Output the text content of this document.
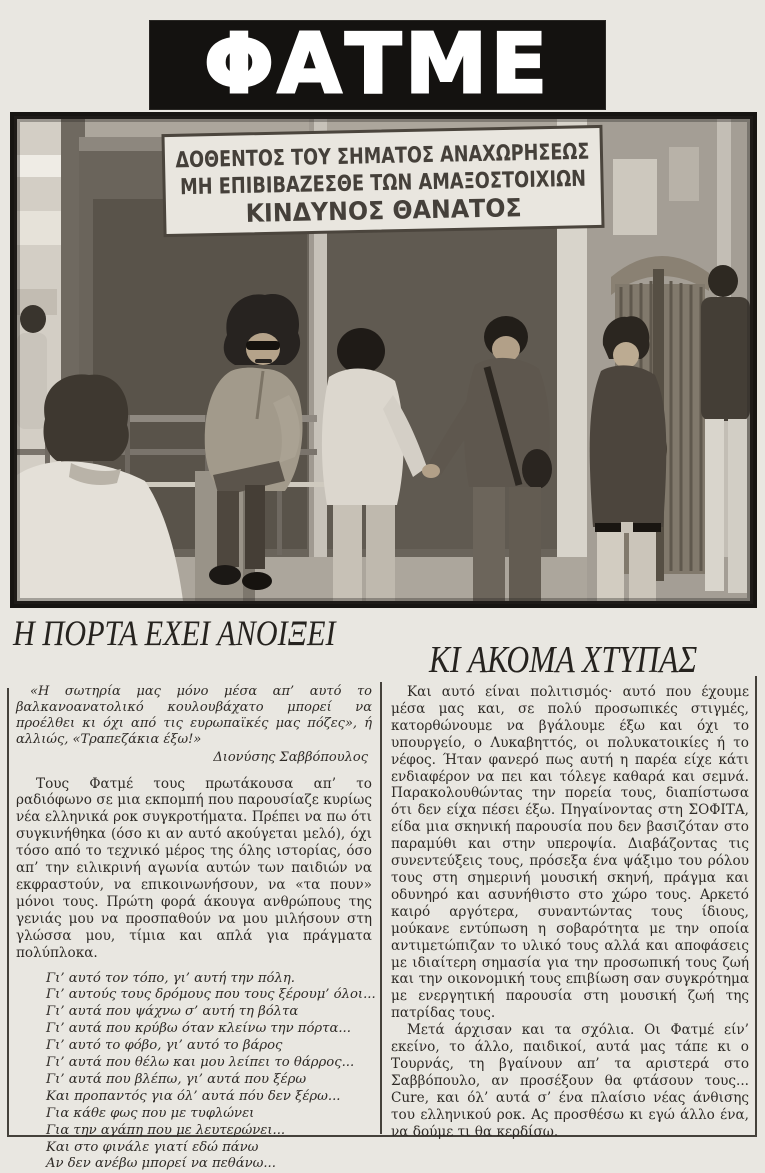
ΦΑΤΜΕ
ΔΟΘΕΝΤΟΣ ΤΟΥ ΣΗΜΑΤΟΣ ΑΝΑΧΩΡΗΣΕΩΣ
ΜΗ ΕΠΙΒΙΒΑΖΕΣΘΕ ΤΩΝ ΑΜΑΞΟΣΤΟΙΧΙΩΝ
ΚΙΝΔΥΝΟΣ ΘΑΝΑΤΟΣ
Η ΠΟΡΤΑ ΕΧΕΙ ΑΝΟΙΞΕΙ
ΚΙ ΑΚΟΜΑ ΧΤΥΠΑΣ
«Η σωτηρία μας μόνο μέσα απ’ αυτό το βαλκανοανατολικό κουλουβάχατο μπορεί να προέλθει κι όχι από τις ευρωπαϊκές μας πόζες», ή αλλιώς, «Τραπεζάκια έξω!»
Διονύσης Σαββόπουλος
Τους Φατμέ τους πρωτάκουσα απ’ το ραδιόφωνο σε μια εκπομπή που παρουσίαζε κυρίως νέα ελληνικά ροκ συγκροτήματα. Πρέπει να πω ότι συγκινήθηκα (όσο κι αν αυτό ακούγεται μελό), όχι τόσο από το τεχνικό μέρος της όλης ιστορίας, όσο απ’ την ειλικρινή αγωνία αυτών των παιδιών να εκφραστούν, να επικοινωνήσουν, να «τα πουν» μόνοι τους. Πρώτη φορά άκουγα ανθρώπους της γενιάς μου να προσπαθούν να μου μιλήσουν στη γλώσσα μου, τίμια και απλά για πράγματα πολύπλοκα.
Γι’ αυτό τον τόπο, γι’ αυτή την πόλη.
Γι’ αυτούς τους δρόμους που τους ξέρουμ’ όλοι...
Γι’ αυτά που ψάχνω σ’ αυτή τη βόλτα
Γι’ αυτά που κρύβω όταν κλείνω την πόρτα...
Γι’ αυτό το φόβο, γι’ αυτό το βάρος
Γι’ αυτά που θέλω και μου λείπει το θάρρος...
Γι’ αυτά που βλέπω, γι’ αυτά που ξέρω
Και προπαντός για όλ’ αυτά πόυ δεν ξέρω...
Για κάθε φως που με τυφλώνει
Για την αγάπη που με λευτερώνει...
Και στο φινάλε γιατί εδώ πάνω
Αν δεν ανέβω μπορεί να πεθάνω...

Και αυτό είναι πολιτισμός· αυτό που έχουμε μέσα μας και, σε πολύ προσωπικές στιγμές, κατορθώνουμε να βγάλουμε έξω και όχι το υπουργείο, ο Λυκαβηττός, οι πολυκατοικίες ή το νέφος. Ήταν φανερό πως αυτή η παρέα είχε κάτι ενδιαφέρον να πει και τόλεγε καθαρά και σεμνά. Παρακολουθώντας την πορεία τους, διαπίστωσα ότι δεν είχα πέσει έξω. Πηγαίνοντας στη ΣΟΦΙΤΑ, είδα μια σκηνική παρουσία που δεν βασιζόταν στο παραμύθι και στην υπεροψία. Διαβάζοντας τις συνεντεύξεις τους, πρόσεξα ένα ψάξιμο του ρόλου τους στη σημερινή μουσική σκηνή, πράγμα και οδυνηρό και ασυνήθιστο στο χώρο τους. Αρκετό καιρό αργότερα, συναντώντας τους ίδιους, μούκανε εντύπωση η σοβαρότητα με την οποία αντιμετώπιζαν το υλικό τους αλλά και αποφάσεις με ιδιαίτερη σημασία για την προσωπική τους ζωή και την οικονομική τους επιβίωση σαν συγκρότημα με ενεργητική παρουσία στη μουσική ζωή της πατρίδας τους.

Μετά άρχισαν και τα σχόλια. Οι Φατμέ είν’ εκείνο, το άλλο, παιδικοί, αυτά μας τάπε κι ο Τουρνάς, τη βγαίνουν απ’ τα αριστερά στο Σαββόπουλο, αν προσέξουν θα φτάσουν τους... Cure, και όλ’ αυτά σ’ ένα πλαίσιο νέας άνθισης του ελληνικού ροκ. Ας προσθέσω κι εγώ άλλο ένα, να δούμε τι θα κερδίσω.
